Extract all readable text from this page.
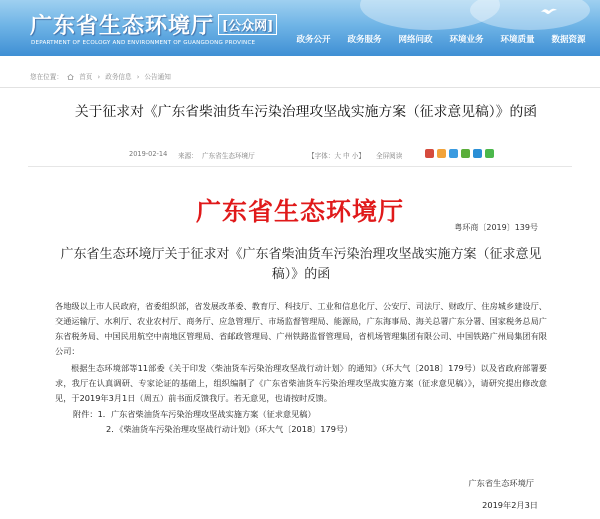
广东省生态环境厅 [公众网]
DEPARTMENT OF ECOLOGY AND ENVIRONMENT OF GUANGDONG PROVINCE	政务公开	政务服务	网络问政	环境业务	环境质量	数据资源
您在位置： 首页 › 政务信息 › 公告通知
关于征求对《广东省柴油货车污染治理攻坚战实施方案（征求意见稿）》的函
2019-02-14 来源： 广东省生态环境厅	【字体：大 中 小】 全屏阅读
广东省生态环境厅
粤环商〔2019〕139号
广东省生态环境厅关于征求对《广东省柴油货车污染治理攻坚战实施方案（征求意见稿）》的函

各地级以上市人民政府，省委组织部，省发展改革委、教育厅、科技厅、工业和信息化厅、公安厅、司法厅、财政厅、住房城乡建设厅、交通运输厅、水利厅、农业农村厅、商务厅、应急管理厅、市场监督管理局、能源局，广东海事局、海关总署广东分署、国家税务总局广东省税务局、中国民用航空中南地区管理局、省邮政管理局、广州铁路监督管理局，省机场管理集团有限公司、中国铁路广州局集团有限公司：

根据生态环境部等11部委《关于印发〈柴油货车污染治理攻坚战行动计划〉的通知》（环大气〔2018〕179号）以及省政府部署要求，我厅在认真调研、专家论证的基础上，组织编制了《广东省柴油货车污染治理攻坚战实施方案（征求意见稿）》，请研究提出修改意见，于2019年3月1日（周五）前书面反馈我厅。若无意见，也请按时反馈。

附件：1．广东省柴油货车污染治理攻坚战实施方案（征求意见稿）
2．《柴油货车污染治理攻坚战行动计划》（环大气〔2018〕179号）
广东省生态环境厅
2019年2月3日
